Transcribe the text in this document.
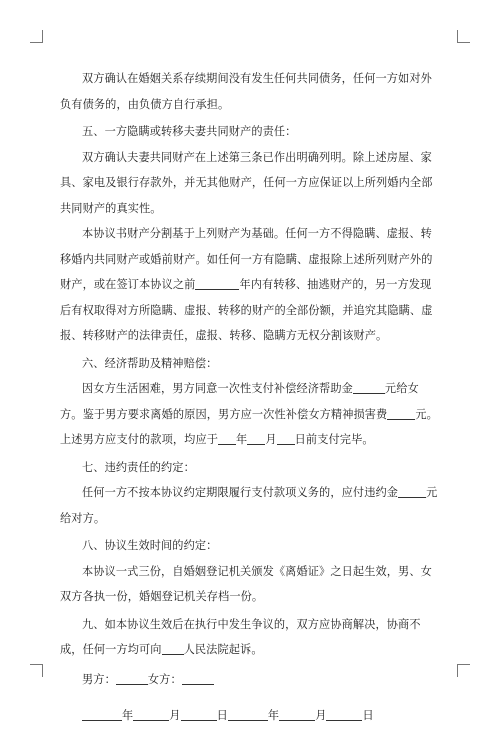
双方确认在婚姻关系存续期间没有发生任何共同债务，任何一方如对外负有债务的，由负债方自行承担。

五、一方隐瞒或转移夫妻共同财产的责任：

双方确认夫妻共同财产在上述第三条已作出明确列明。除上述房屋、家具、家电及银行存款外，并无其他财产，任何一方应保证以上所列婚内全部共同财产的真实性。

本协议书财产分割基于上列财产为基础。任何一方不得隐瞒、虚报、转移婚内共同财产或婚前财产。如任何一方有隐瞒、虚报除上述所列财产外的财产，或在签订本协议之前	年内有转移、抽逃财产的，另一方发现后有权取得对方所隐瞒、虚报、转移的财产的全部份额，并追究其隐瞒、虚报、转移财产的法律责任，虚报、转移、隐瞒方无权分割该财产。

六、经济帮助及精神赔偿：

因女方生活困难，男方同意一次性支付补偿经济帮助金	元给女方。鉴于男方要求离婚的原因，男方应一次性补偿女方精神损害费	元。上述男方应支付的款项，均应于 年 月 日前支付完毕。

七、违约责任的约定：

任何一方不按本协议约定期限履行支付款项义务的，应付违约金	元给对方。

八、协议生效时间的约定：

本协议一式三份，自婚姻登记机关颁发《离婚证》之日起生效，男、女双方各执一份，婚姻登记机关存档一份。

九、如本协议生效后在执行中发生争议的，双方应协商解决，协商不成，任何一方均可向 人民法院起诉。

男方：	女方：

年	月	日	年	月	日
